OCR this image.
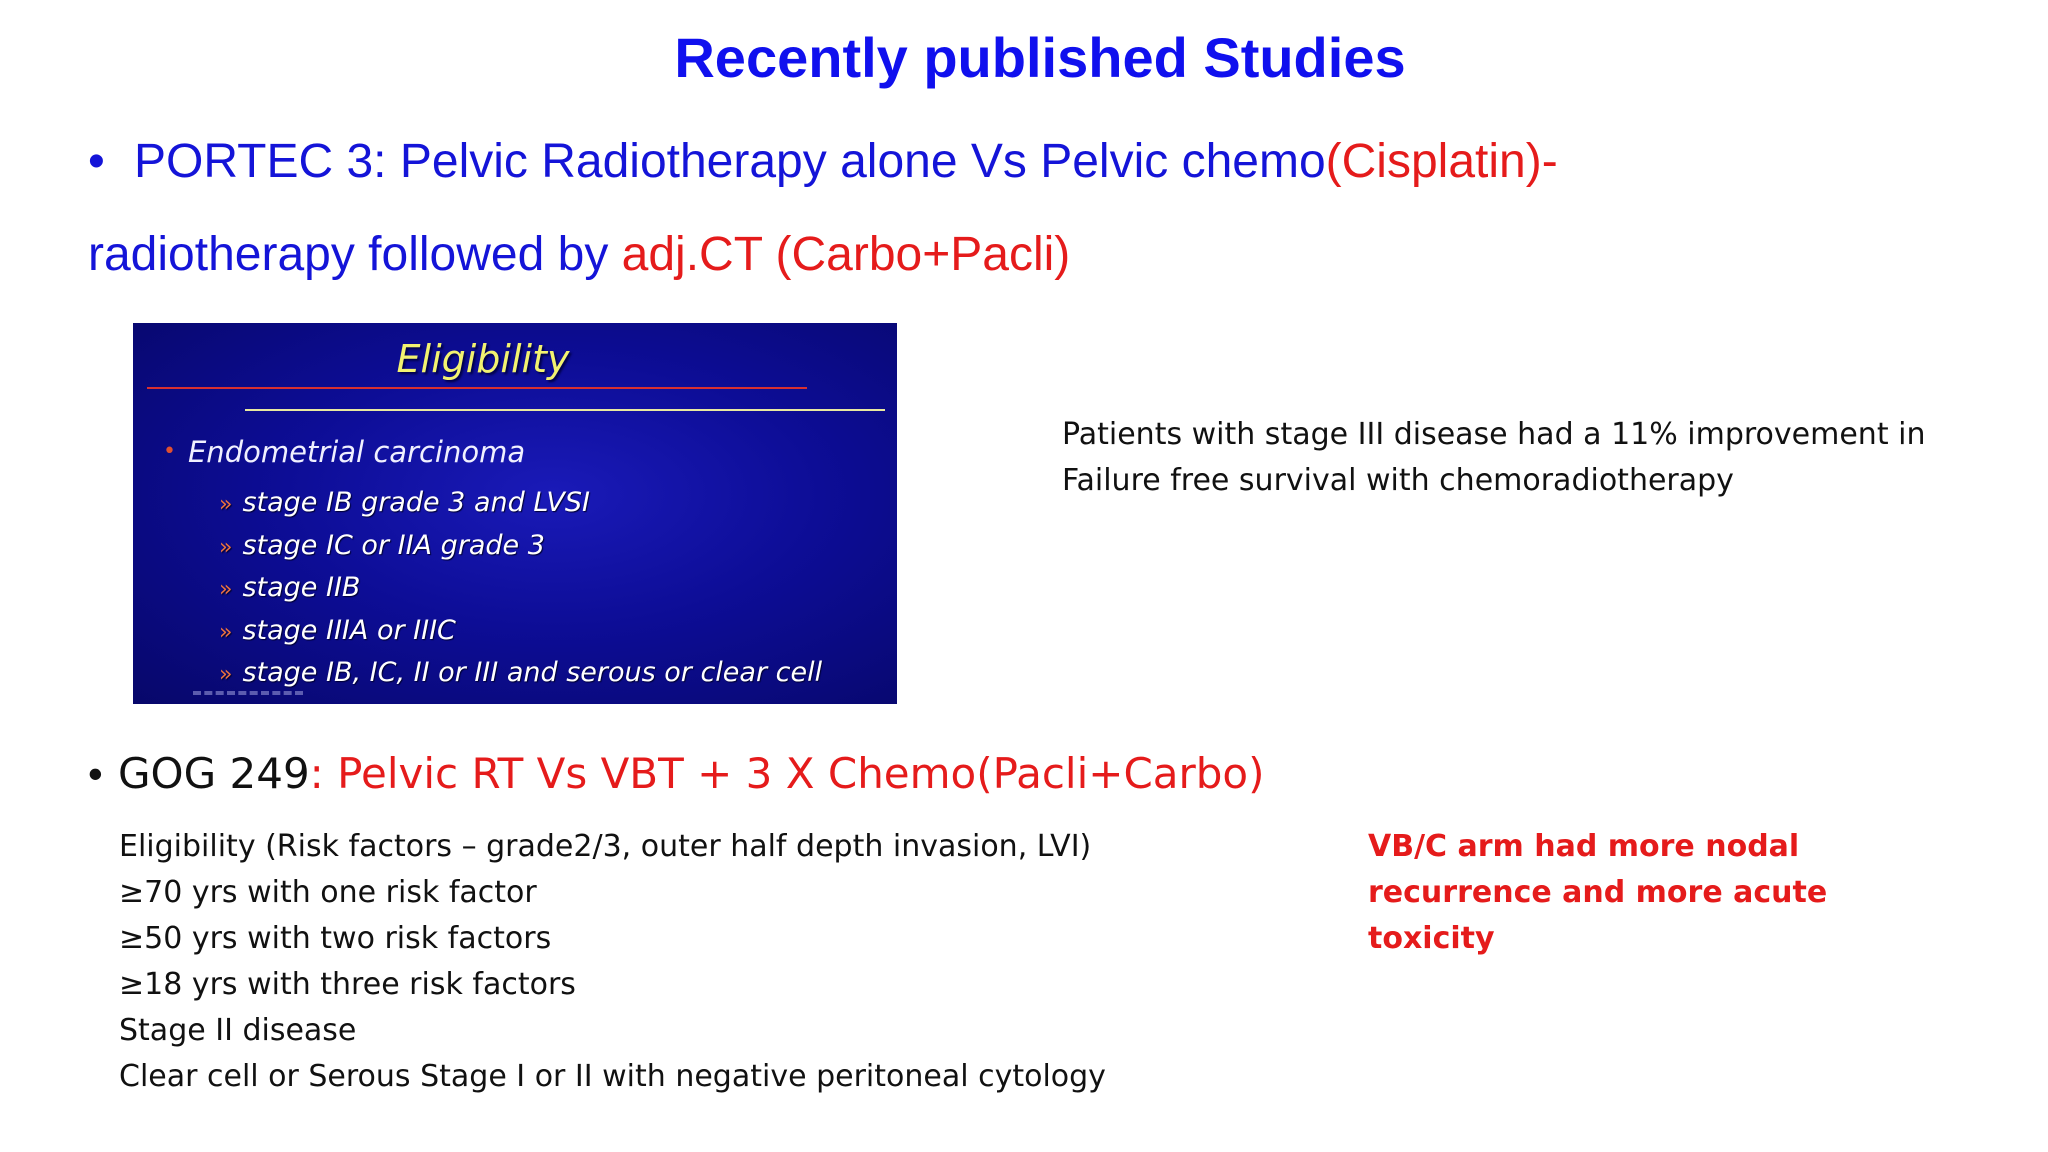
Recently published Studies
• PORTEC 3: Pelvic Radiotherapy alone Vs Pelvic chemo(Cisplatin)-
radiotherapy followed by adj.CT (Carbo+Pacli)
Eligibility
• Endometrial carcinoma
» stage IB grade 3 and LVSI
» stage IC or IIA grade 3
» stage IIB
» stage IIIA or IIIC
» stage IB, IC, II or III and serous or clear cell
Patients with stage III disease had a 11% improvement in
Failure free survival with chemoradiotherapy
• GOG 249: Pelvic RT Vs VBT + 3 X Chemo(Pacli+Carbo)
Eligibility (Risk factors – grade2/3, outer half depth invasion, LVI)
≥70 yrs with one risk factor
≥50 yrs with two risk factors
≥18 yrs with three risk factors
Stage II disease
Clear cell or Serous Stage I or II with negative peritoneal cytology
VB/C arm had more nodal
recurrence and more acute
toxicity
